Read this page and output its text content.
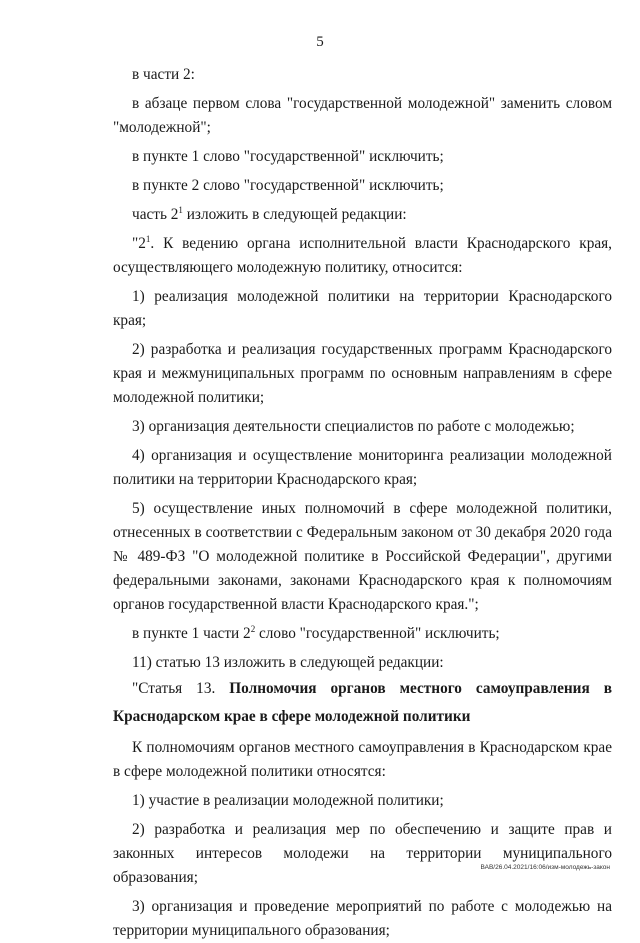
5

в части 2:

в абзаце первом слова "государственной молодежной" заменить словом "молодежной";

в пункте 1 слово "государственной" исключить;

в пункте 2 слово "государственной" исключить;

часть $2^1$ изложить в следующей редакции:

"$2^1$. К ведению органа исполнительной власти Краснодарского края, осуществляющего молодежную политику, относится:

1) реализация молодежной политики на территории Краснодарского края;

2) разработка и реализация государственных программ Краснодарского края и межмуниципальных программ по основным направлениям в сфере молодежной политики;

3) организация деятельности специалистов по работе с молодежью;

4) организация и осуществление мониторинга реализации молодежной политики на территории Краснодарского края;

5) осуществление иных полномочий в сфере молодежной политики, отнесенных в соответствии с Федеральным законом от 30 декабря 2020 года № 489-ФЗ "О молодежной политике в Российской Федерации", другими федеральными законами, законами Краснодарского края к полномочиям органов государственной власти Краснодарского края.";

в пункте 1 части $2^2$ слово "государственной" исключить;

11) статью 13 изложить в следующей редакции:

"Статья 13. Полномочия органов местного самоуправления в Краснодарском крае в сфере молодежной политики

К полномочиям органов местного самоуправления в Краснодарском крае в сфере молодежной политики относятся:

1) участие в реализации молодежной политики;

2) разработка и реализация мер по обеспечению и защите прав и законных интересов молодежи на территории муниципального образования;

3) организация и проведение мероприятий по работе с молодежью на территории муниципального образования;

ВАВ/26.04.2021/16:06/изм-молодежь-закон
